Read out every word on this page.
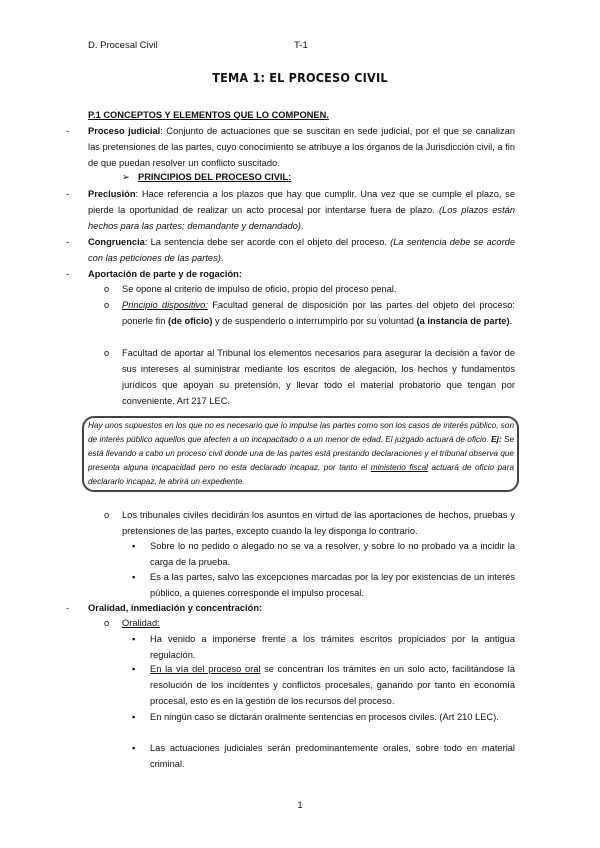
D. Procesal Civil	T-1
TEMA 1: EL PROCESO CIVIL
P.1 CONCEPTOS Y ELEMENTOS QUE LO COMPONEN.
- Proceso judicial: Conjunto de actuaciones que se suscitan en sede judicial, por el que se canalizan las pretensiones de las partes, cuyo conocimiento se atribuye a los órganos de la Jurisdicción civil, a fin de que puedan resolver un conflicto suscitado.
➢ PRINCIPIOS DEL PROCESO CIVIL:
- Preclusión: Hace referencia a los plazos que hay que cumplir. Una vez que se cumple el plazo, se pierde la oportunidad de realizar un acto procesal por intentarse fuera de plazo. (Los plazos están hechos para las partes; demandante y demandado).
- Congruencia: La sentencia debe ser acorde con el objeto del proceso. (La sentencia debe se acorde con las peticiones de las partes).
- Aportación de parte y de rogación:
o Se opone al criterio de impulso de oficio, propio del proceso penal.
o Principio dispositivo: Facultad general de disposición por las partes del objeto del proceso: ponerle fin (de oficio) y de suspenderlo o interrumpirlo por su voluntad (a instancia de parte).
o Facultad de aportar al Tribunal los elementos necesarios para asegurar la decisión a favor de sus intereses al suministrar mediante los escritos de alegación, los hechos y fundamentos jurídicos que apoyan su pretensión, y llevar todo el material probatorio que tengan por conveniente. Art 217 LEC.
Hay unos supuestos en los que no es necesario que lo impulse las partes como son los casos de interés público, son de interés público aquellos que afecten a un incapacitado o a un menor de edad. El juzgado actuará de oficio. Ej: Se está llevando a cabo un proceso civil donde una de las partes está prestando declaraciones y el tribunal observa que presenta alguna incapacidad pero no esta declarado incapaz, por tanto el ministerio fiscal actuará de oficio para declararlo incapaz, le abrirá un expediente.
o Los tribunales civiles decidirán los asuntos en virtud de las aportaciones de hechos, pruebas y pretensiones de las partes, excepto cuando la ley disponga lo contrario.
▪ Sobre lo no pedido o alegado no se va a resolver, y sobre lo no probado va a incidir la carga de la prueba.
▪ Es a las partes, salvo las excepciones marcadas por la ley por existencias de un interés público, a quienes corresponde el impulso procesal.
- Oralidad, inmediación y concentración:
o Oralidad:
▪ Ha venido a imponerse frente a los trámites escritos propiciados por la antigua regulación.
▪ En la vía del proceso oral se concentran los trámites en un solo acto, facilitándose la resolución de los incidentes y conflictos procesales, ganando por tanto en economía procesal, esto es en la gestión de los recursos del proceso.
▪ En ningún caso se dictarán oralmente sentencias en procesos civiles. (Art 210 LEC).
▪ Las actuaciones judiciales serán predominantemente orales, sobre todo en material criminal.
1
